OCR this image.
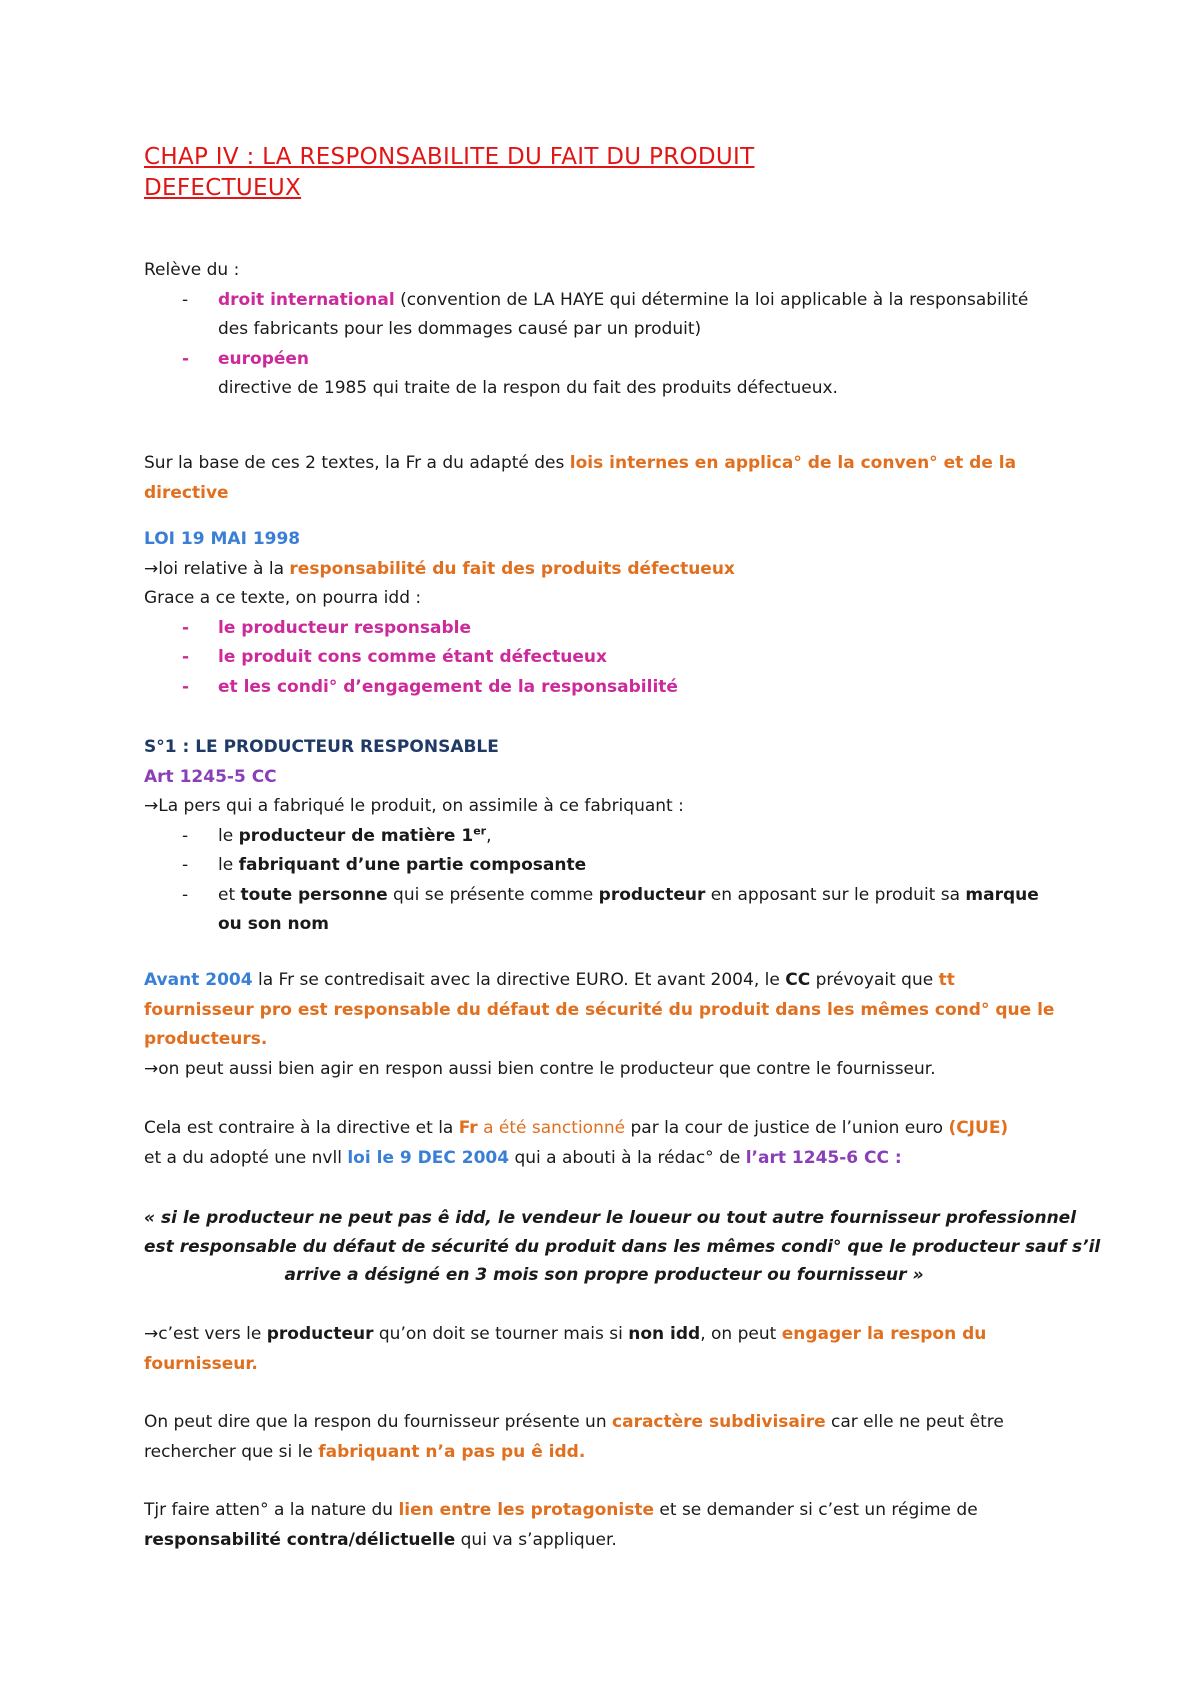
CHAP IV : LA RESPONSABILITE DU FAIT DU PRODUIT
DEFECTUEUX
Relève du :
- droit international (convention de LA HAYE qui détermine la loi applicable à la responsabilité
des fabricants pour les dommages causé par un produit)
- européen
directive de 1985 qui traite de la respon du fait des produits défectueux.
Sur la base de ces 2 textes, la Fr a du adapté des lois internes en applica° de la conven° et de la
directive
LOI 19 MAI 1998
→loi relative à la responsabilité du fait des produits défectueux
Grace a ce texte, on pourra idd :
- le producteur responsable
- le produit cons comme étant défectueux
- et les condi° d’engagement de la responsabilité
S°1 : LE PRODUCTEUR RESPONSABLE
Art 1245-5 CC
→La pers qui a fabriqué le produit, on assimile à ce fabriquant :
- le producteur de matière 1er,
- le fabriquant d’une partie composante
- et toute personne qui se présente comme producteur en apposant sur le produit sa marque
ou son nom
Avant 2004 la Fr se contredisait avec la directive EURO. Et avant 2004, le CC prévoyait que tt
fournisseur pro est responsable du défaut de sécurité du produit dans les mêmes cond° que le
producteurs.
→on peut aussi bien agir en respon aussi bien contre le producteur que contre le fournisseur.
Cela est contraire à la directive et la Fr a été sanctionné par la cour de justice de l’union euro (CJUE)
et a du adopté une nvll loi le 9 DEC 2004 qui a abouti à la rédac° de l’art 1245-6 CC :
« si le producteur ne peut pas ê idd, le vendeur le loueur ou tout autre fournisseur professionnel
est responsable du défaut de sécurité du produit dans les mêmes condi° que le producteur sauf s’il
arrive a désigné en 3 mois son propre producteur ou fournisseur »
→c’est vers le producteur qu’on doit se tourner mais si non idd, on peut engager la respon du
fournisseur.
On peut dire que la respon du fournisseur présente un caractère subdivisaire car elle ne peut être
rechercher que si le fabriquant n’a pas pu ê idd.
Tjr faire atten° a la nature du lien entre les protagoniste et se demander si c’est un régime de
responsabilité contra/délictuelle qui va s’appliquer.
